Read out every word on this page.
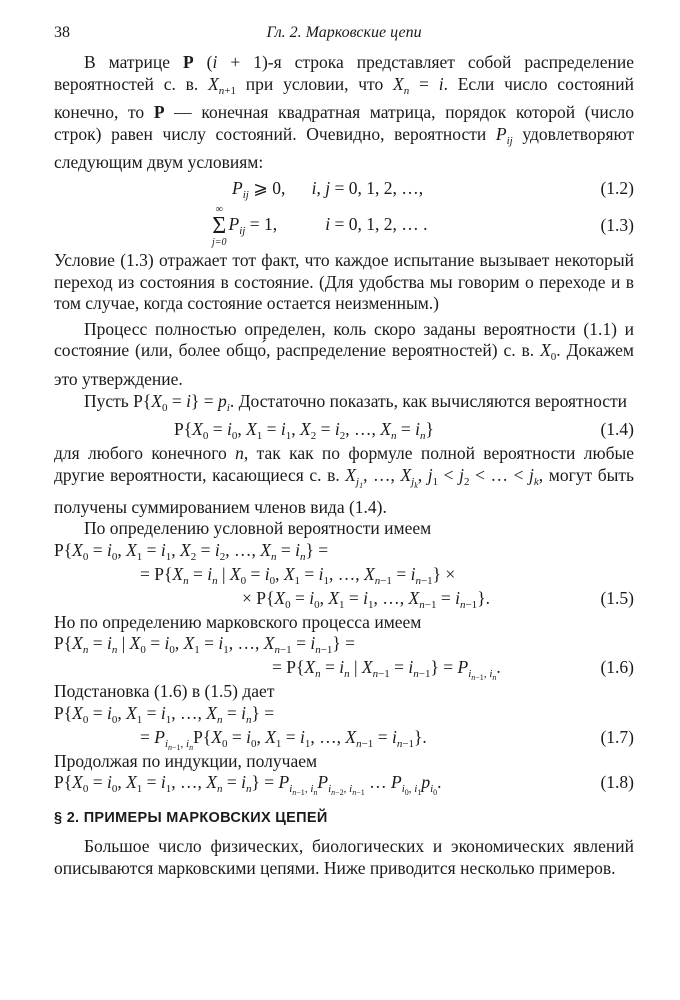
38	Гл. 2. Марковские цепи

В матрице P (i + 1)-я строка представляет собой распределение вероятностей с. в. $X_{n+1}$ при условии, что $X_n = i$. Если число состояний конечно, то P — конечная квадратная матрица, порядок которой (число строк) равен числу состояний. Очевидно, вероятности $P_{ij}$ удовлетворяют следующим двум условиям:

$P_{ij}$ ⩾ 0,      i, j = 0, 1, 2, …,	(1.2)
∞
Σ
j=0
$P_{ij} = 1$,           i = 0, 1, 2, … .	(1.3)

Условие (1.3) отражает тот факт, что каждое испытание вызывает некоторый переход из состояния в состояние. (Для удобства мы говорим о переходе и в том случае, когда состояние остается неизменным.)

Процесс полностью определен, коль скоро заданы вероятности (1.1) и состояние (или, более общо́, распределение вероятностей) с. в. $X_0$. Докажем это утверждение.

Пусть $P\{X_0 = i\} = p_i$. Достаточно показать, как вычисляются вероятности

$P\{X_0 = i_0$, $X_1 = i_1$, $X_2 = i_2$, …, $X_n = i_n$}	(1.4)

для любого конечного n, так как по формуле полной вероятности любые другие вероятности, касающиеся с. в. $X_{j_1}$, …, $X_{j_k}$, $j_1 < j_2$ < … < $j_k$, могут быть получены суммированием членов вида (1.4).

По определению условной вероятности имеем

$P\{X_0 = i_0$, $X_1 = i_1$, $X_2 = i_2$, …, $X_n = i_n$} =
= $P\{X_n = i_n$ | $X_0 = i_0$, $X_1 = i_1$, …, $X_{n-1} = i_{n-1}$} ×
× $P\{X_0 = i_0$, $X_1 = i_1$, …, $X_{n-1} = i_{n-1}$}.	(1.5)

Но по определению марковского процесса имеем

$P\{X_n = i_n$ | $X_0 = i_0$, $X_1 = i_1$, …, $X_{n-1} = i_{n-1}$} =
= $P\{X_n = i_n$ | $X_{n-1} = i_{n-1}\} = P_{i_{n-1}, i_n}$.	(1.6)

Подстановка (1.6) в (1.5) дает

$P\{X_0 = i_0$, $X_1 = i_1$, …, $X_n = i_n$} =
= $P_{i_{n-1}, i_n}P\{X_0 = i_0$, $X_1 = i_1$, …, $X_{n-1} = i_{n-1}$}.	(1.7)

Продолжая по индукции, получаем

$P\{X_0 = i_0$, $X_1 = i_1$, …, $X_n = i_n\} = P_{i_{n-1}, i_n}P_{i_{n-2}, i_{n-1}}$ … $P_{i_0, i_1}p_{i_0}$.	(1.8)
§ 2. ПРИМЕРЫ МАРКОВСКИХ ЦЕПЕЙ

Большое число физических, биологических и экономических явлений описываются марковскими цепями. Ниже приводится несколько примеров.
